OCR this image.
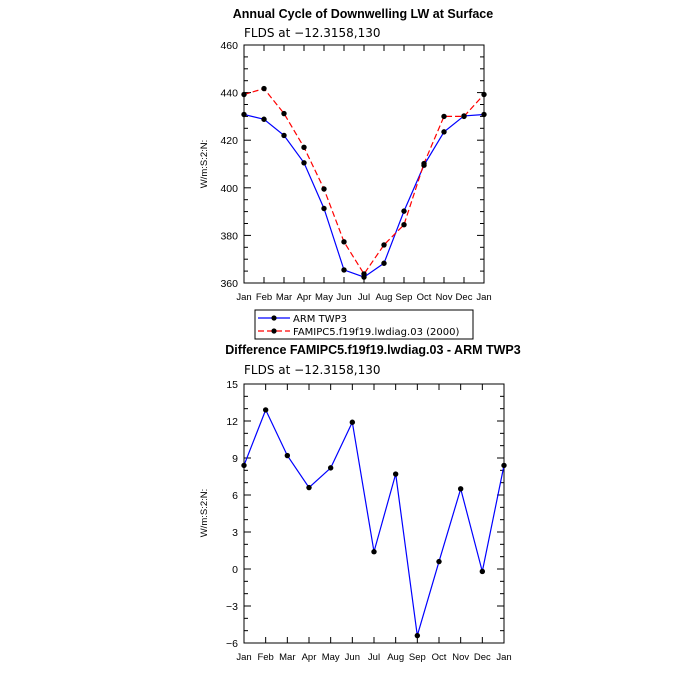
Annual Cycle of Downwelling LW at Surface
FLDS at −12.3158,130
W/m:S:2:N:
Jan Feb Mar Apr May Jun Jul Aug Sep Oct Nov Dec Jan
360
380
400
420
440
460
ARM TWP3
FAMIPC5.f19f19.lwdiag.03 (2000)
Difference FAMIPC5.f19f19.lwdiag.03 - ARM TWP3
FLDS at −12.3158,130
W/m:S:2:N:
Jan Feb Mar Apr May Jun Jul Aug Sep Oct Nov Dec Jan
−6
−3
0
3
6
9
12
15
